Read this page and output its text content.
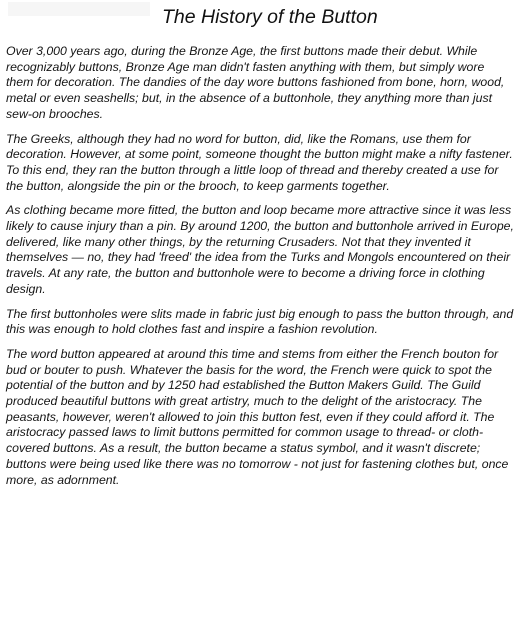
The History of the Button

Over 3,000 years ago, during the Bronze Age, the first buttons made their debut. While recognizably buttons, Bronze Age man didn't fasten anything with them, but simply wore them for decoration. The dandies of the day wore buttons fashioned from bone, horn, wood, metal or even seashells; but, in the absence of a buttonhole, they anything more than just sew-on brooches.

The Greeks, although they had no word for button, did, like the Romans, use them for decoration. However, at some point, someone thought the button might make a nifty fastener. To this end, they ran the button through a little loop of thread and thereby created a use for the button, alongside the pin or the brooch, to keep garments together.

As clothing became more fitted, the button and loop became more attractive since it was less likely to cause injury than a pin. By around 1200, the button and buttonhole arrived in Europe, delivered, like many other things, by the returning Crusaders. Not that they invented it themselves — no, they had 'freed' the idea from the Turks and Mongols encountered on their travels. At any rate, the button and buttonhole were to become a driving force in clothing design.

The first buttonholes were slits made in fabric just big enough to pass the button through, and this was enough to hold clothes fast and inspire a fashion revolution.

The word button appeared at around this time and stems from either the French bouton for bud or bouter to push. Whatever the basis for the word, the French were quick to spot the potential of the button and by 1250 had established the Button Makers Guild. The Guild produced beautiful buttons with great artistry, much to the delight of the aristocracy. The peasants, however, weren't allowed to join this button fest, even if they could afford it. The aristocracy passed laws to limit buttons permitted for common usage to thread- or cloth-covered buttons. As a result, the button became a status symbol, and it wasn't discrete; buttons were being used like there was no tomorrow - not just for fastening clothes but, once more, as adornment.
